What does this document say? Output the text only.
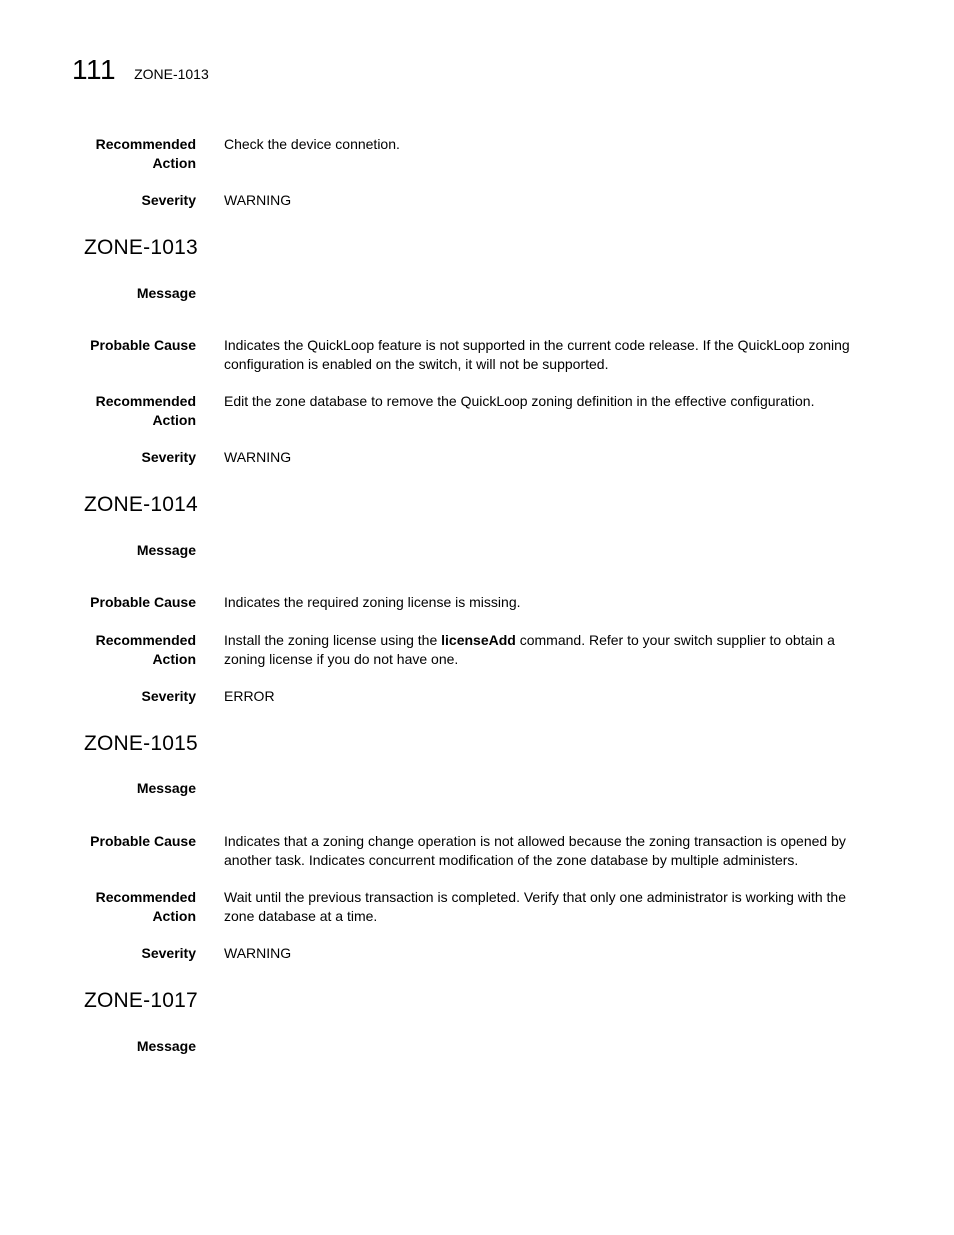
111 ZONE-1013
Recommended
Action
Check the device connetion.
Severity WARNING
ZONE-1013
Message
Probable Cause Indicates the QuickLoop feature is not supported in the current code release. If the QuickLoop zoning configuration is enabled on the switch, it will not be supported.
Recommended
Action
Edit the zone database to remove the QuickLoop zoning definition in the effective configuration.
Severity WARNING
ZONE-1014
Message
Probable Cause Indicates the required zoning license is missing.
Recommended
Action
Install the zoning license using the licenseAdd command. Refer to your switch supplier to obtain a zoning license if you do not have one.
Severity ERROR
ZONE-1015
Message
Probable Cause Indicates that a zoning change operation is not allowed because the zoning transaction is opened by another task. Indicates concurrent modification of the zone database by multiple administers.
Recommended
Action
Wait until the previous transaction is completed. Verify that only one administrator is working with the zone database at a time.
Severity WARNING
ZONE-1017
Message
